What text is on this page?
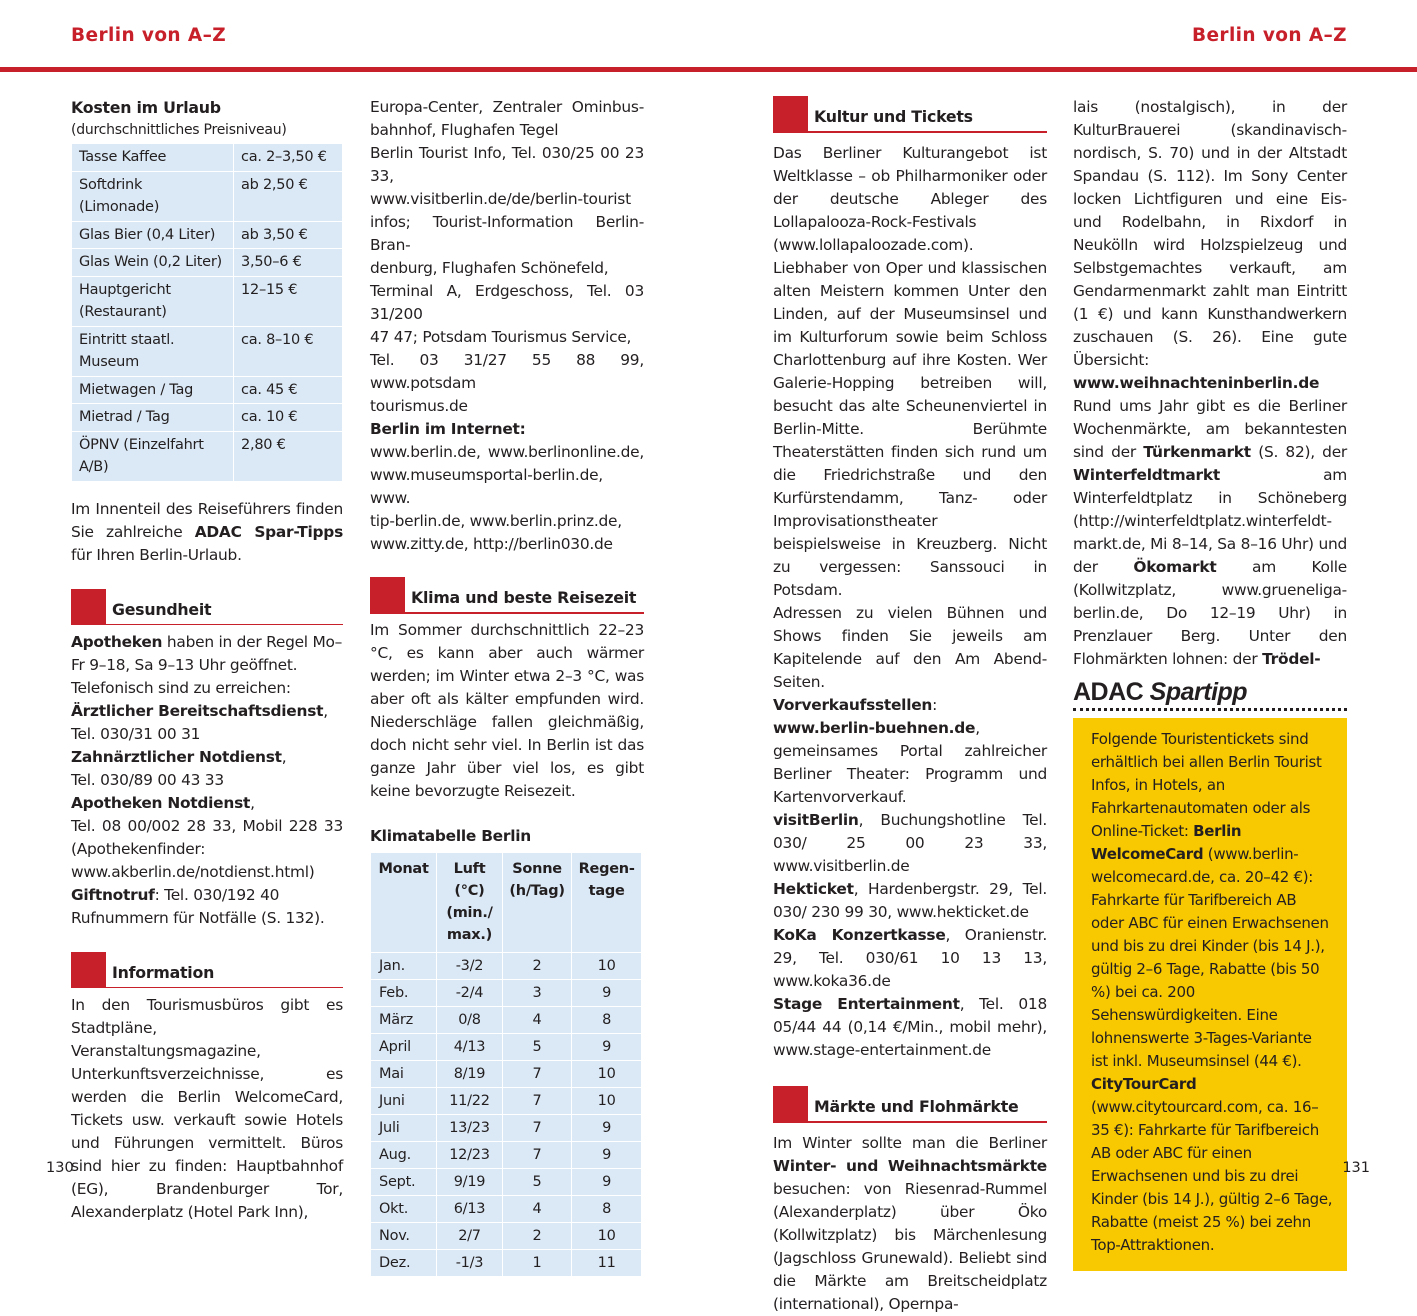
Berlin von A–Z	Berlin von A–Z

Kosten im Urlaub

(durchschnittliches Preisniveau)

Tasse Kaffee	ca. 2–3,50 €
Softdrink (Limonade)	ab 2,50 €
Glas Bier (0,4 Liter)	ab 3,50 €
Glas Wein (0,2 Liter)	3,50–6 €
Hauptgericht (Restaurant)	12–15 €
Eintritt staatl. Museum	ca. 8–10 €
Mietwagen / Tag	ca. 45 €
Mietrad / Tag	ca. 10 €
ÖPNV (Einzelfahrt A/B)	2,80 €

Im Innenteil des Reiseführers finden Sie zahlreiche ADAC Spar-Tipps für Ihren Berlin-Urlaub.

Gesundheit

Apotheken haben in der Regel Mo–Fr 9–18, Sa 9–13 Uhr geöffnet. Telefonisch sind zu erreichen:

Ärztlicher Bereitschaftsdienst,
Tel. 030/31 00 31

Zahnärztlicher Notdienst,
Tel. 030/89 00 43 33

Apotheken Notdienst,
Tel. 08 00/002 28 33, Mobil 228 33 (Apothekenfinder: www.akberlin.de/notdienst.html)

Giftnotruf: Tel. 030/192 40
Rufnummern für Notfälle (S. 132).

Information

In den Tourismusbüros gibt es Stadtpläne, Veranstaltungsmagazine, Unterkunftsverzeichnisse, es werden die Berlin WelcomeCard, Tickets usw. verkauft sowie Hotels und Führungen vermittelt. Büros sind hier zu finden: Hauptbahnhof (EG), Brandenburger Tor, Alexanderplatz (Hotel Park Inn),

Europa-Center, Zentraler Ominbus-
bahnhof, Flughafen Tegel
Berlin Tourist Info, Tel. 030/25 00 23 33,
www.visitberlin.de/de/berlin-tourist
infos; Tourist-Information Berlin-Bran-
denburg, Flughafen Schönefeld,
Terminal A, Erdgeschoss, Tel. 03 31/200
47 47; Potsdam Tourismus Service,
Tel. 03 31/27 55 88 99, www.potsdam
tourismus.de

Berlin im Internet:

www.berlin.de, www.berlinonline.de,
www.museumsportal-berlin.de, www.
tip-berlin.de, www.berlin.prinz.de,
www.zitty.de, http://berlin030.de
Klima und beste Reisezeit

Im Sommer durchschnittlich 22–23 °C, es kann aber auch wärmer werden; im Winter etwa 2–3 °C, was aber oft als kälter empfunden wird. Niederschläge fallen gleichmäßig, doch nicht sehr viel. In Berlin ist das ganze Jahr über viel los, es gibt keine bevorzugte Reisezeit.

Klimatabelle Berlin

Monat	Luft (°C) (min./ max.)	Sonne (h/Tag)	Regen-tage
Jan.	-3/2	2	10
Feb.	-2/4	3	9
März	0/8	4	8
April	4/13	5	9
Mai	8/19	7	10
Juni	11/22	7	10
Juli	13/23	7	9
Aug.	12/23	7	9
Sept.	9/19	5	9
Okt.	6/13	4	8
Nov.	2/7	2	10
Dez.	-1/3	1	11
Kultur und Tickets

Das Berliner Kulturangebot ist Weltklasse – ob Philharmoniker oder der deutsche Ableger des Lollapalooza-Rock-Festivals (www.lollapaloozade.com). Liebhaber von Oper und klassischen alten Meistern kommen Unter den Linden, auf der Museumsinsel und im Kulturforum sowie beim Schloss Charlottenburg auf ihre Kosten. Wer Galerie-Hopping betreiben will, besucht das alte Scheunenviertel in Berlin-Mitte. Berühmte Theaterstätten finden sich rund um die Friedrichstraße und den Kurfürstendamm, Tanz- oder Improvisationstheater beispielsweise in Kreuzberg. Nicht zu vergessen: Sanssouci in Potsdam.

Adressen zu vielen Bühnen und Shows finden Sie jeweils am Kapitelende auf den Am Abend-Seiten.

Vorverkaufsstellen:

www.berlin-buehnen.de, gemeinsames Portal zahlreicher Berliner Theater: Programm und Kartenvorverkauf.

visitBerlin, Buchungshotline Tel. 030/ 25 00 23 33, www.visitberlin.de

Hekticket, Hardenbergstr. 29, Tel. 030/ 230 99 30, www.hekticket.de

KoKa Konzertkasse, Oranienstr. 29, Tel. 030/61 10 13 13, www.koka36.de

Stage Entertainment, Tel. 018 05/44 44 (0,14 €/Min., mobil mehr), www.stage-entertainment.de

Märkte und Flohmärkte

Im Winter sollte man die Berliner Winter- und Weihnachtsmärkte besuchen: von Riesenrad-Rummel (Alexanderplatz) über Öko (Kollwitzplatz) bis Märchenlesung (Jagschloss Grunewald). Beliebt sind die Märkte am Breitscheidplatz (international), Opernpa-

lais (nostalgisch), in der KulturBrauerei (skandinavisch-nordisch, S. 70) und in der Altstadt Spandau (S. 112). Im Sony Center locken Lichtfiguren und eine Eis- und Rodelbahn, in Rixdorf in Neukölln wird Holzspielzeug und Selbstgemachtes verkauft, am Gendarmenmarkt zahlt man Eintritt (1 €) und kann Kunsthandwerkern zuschauen (S. 26). Eine gute Übersicht: www.weihnachteninberlin.de

Rund ums Jahr gibt es die Berliner Wochenmärkte, am bekanntesten sind der Türkenmarkt (S. 82), der Winterfeldtmarkt	am Winterfeldtplatz in Schöneberg (http://winterfeldtplatz.winterfeldt-markt.de, Mi 8–14, Sa 8–16 Uhr) und der Ökomarkt am Kolle (Kollwitzplatz, www.grueneliga-berlin.de, Do 12–19 Uhr) in Prenzlauer Berg. Unter den Flohmärkten lohnen: der Trödel-

ADAC Spartipp
Folgende Touristentickets sind erhältlich bei allen Berlin Tourist Infos, in Hotels, an Fahrkartenautomaten oder als Online-Ticket: Berlin WelcomeCard (www.berlin-welcomecard.de, ca. 20–42 €): Fahrkarte für Tarifbereich AB oder ABC für einen Erwachsenen und bis zu drei Kinder (bis 14 J.), gültig 2–6 Tage, Rabatte (bis 50 %) bei ca. 200 Sehenswürdigkeiten. Eine lohnenswerte 3-Tages-Variante ist inkl. Museumsinsel (44 €). CityTourCard (www.citytourcard.com, ca. 16–35 €): Fahrkarte für Tarifbereich AB oder ABC für einen Erwachsenen und bis zu drei Kinder (bis 14 J.), gültig 2–6 Tage, Rabatte (meist 25 %) bei zehn Top-Attraktionen.
130	131
